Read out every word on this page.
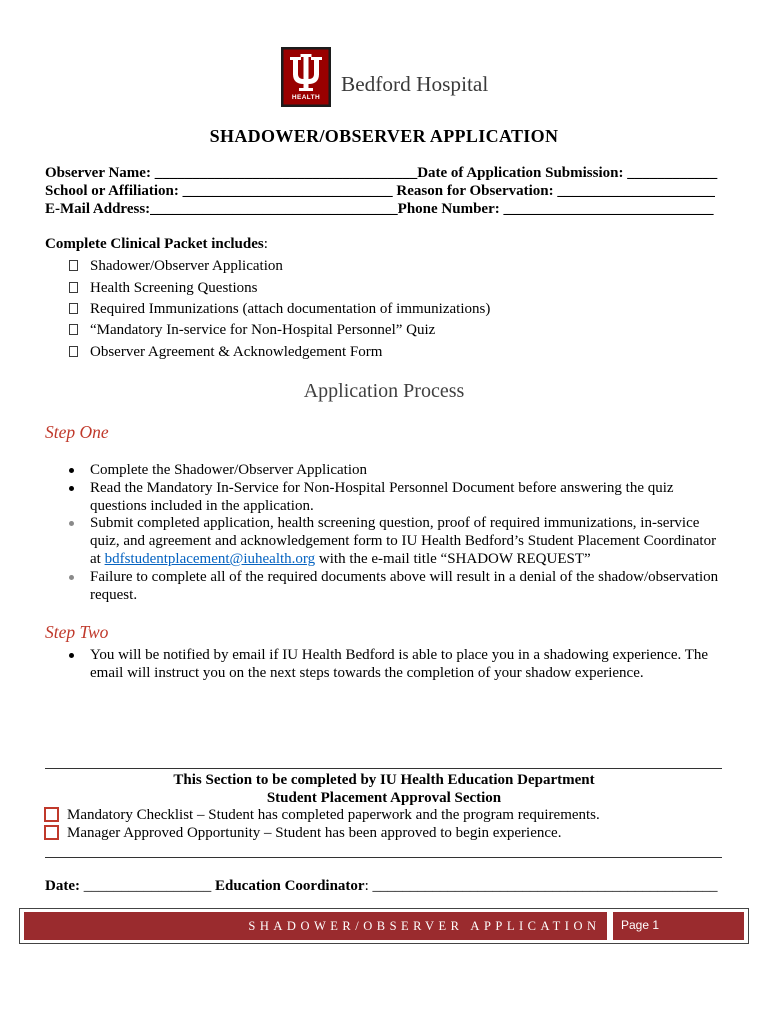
HEALTH
Bedford Hospital
SHADOWER/OBSERVER APPLICATION
Observer Name: ___________________________________Date of Application Submission: ____________
School or Affiliation: ____________________________ Reason for Observation: _____________________
E-Mail Address:_________________________________Phone Number: ____________________________
Complete Clinical Packet includes:
Shadower/Observer Application
Health Screening Questions
Required Immunizations (attach documentation of immunizations)
“Mandatory In-service for Non-Hospital Personnel” Quiz
Observer Agreement & Acknowledgement Form
Application Process
Step One
Complete the Shadower/Observer Application
Read the Mandatory In-Service for Non-Hospital Personnel Document before answering the quiz
questions included in the application.
Submit completed application, health screening question, proof of required immunizations, in-service
quiz, and agreement and acknowledgement form to IU Health Bedford’s Student Placement Coordinator
at bdfstudentplacement@iuhealth.org with the e-mail title “SHADOW REQUEST”
Failure to complete all of the required documents above will result in a denial of the shadow/observation
request.
Step Two
You will be notified by email if IU Health Bedford is able to place you in a shadowing experience. The
email will instruct you on the next steps towards the completion of your shadow experience.
This Section to be completed by IU Health Education Department
Student Placement Approval Section
Mandatory Checklist – Student has completed paperwork and the program requirements.
Manager Approved Opportunity – Student has been approved to begin experience.
Date: _________________ Education Coordinator: ______________________________________________
SHADOWER/OBSERVER APPLICATION Page 1
